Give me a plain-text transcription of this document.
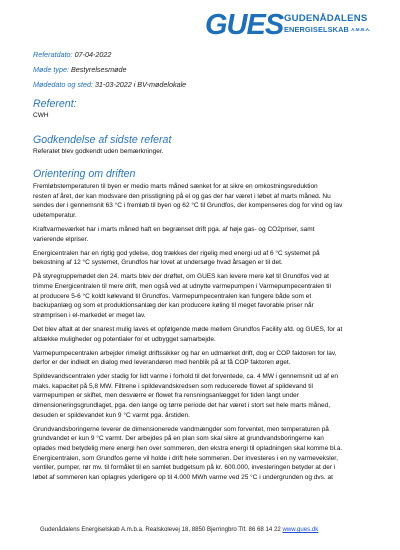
GUES GUDENÅDALENS
ENERGISELSKAB A.M.B.A.
Referatdato: 07-04-2022
Møde type: Bestyrelsesmøde
Mødedato og sted: 31-03-2022 i BV-mødelokale
Referent:

CWH

Godkendelse af sidste referat

Referatet blev godkendt uden bemærkninger.

Orientering om driften
Fremløbstemperaturen til byen er medio marts måned sænket for at sikre en omkostningsreduktion
resten af året, der kan modsvare den prisstigning på el og gas der har været i løbet af marts måned. Nu
sendes der i gennemsnit 63 °C i fremløb til byen og 62 °C til Grundfos, der kompenseres dog for vind og lav
udetemperatur.
Kraftvarmeværket har i marts måned haft en begrænset drift pga. af høje gas- og CO2priser, samt
varierende elpriser.
Energicentralen har en rigtig god ydelse, dog trækkes der rigelig med energi ud af 6 °C systemet på
bekostning af 12 °C systemet, Grundfos har lovet at undersøge hvad årsagen er til det.
På styregruppemødet den 24. marts blev der drøftet, om GUES kan levere mere køl til Grundfos ved at
trimme Energicentralen til mere drift, men også ved at udnytte varmepumpen i Varmepumpecentralen til
at producere 5-6 °C koldt kølevand til Grundfos. Varmepumpecentralen kan fungere både som et
backupanlæg og som et produktionsanlæg der kan producere køling til meget favorable priser når
strømprisen i el-markedet er meget lav.
Det blev aftalt at der snarest mulig laves et opfølgende møde mellem Grundfos Facility afd. og GUES, for at
afdække muligheder og potentialer for et udbygget samarbejde.
Varmepumpecentralen arbejder rimeligt driftssikker og har en udmærket drift, dog er COP faktoren for lav,
derfor er der indledt en dialog med leverandøren med henblik på at få COP faktoren øget.
Spildevandscentralen yder stadig for lidt varme i forhold til det forventede, ca. 4 MW i gennemsnit ud af en
maks. kapacitet på 5,8 MW. Filtrene i spildevandskredsen som reducerede flowet af spildevand til
varmepumpen er skiftet, men desværre er flowet fra rensningsanlægget for tiden langt under
dimensioneringsgrundlaget, pga. den lange og tørre periode det har været i stort set hele marts måned,
desuden er spildevandet kun 9 °C varmt pga. årstiden.
Grundvandsboringerne leverer de dimensionerede vandmængder som forventet, men temperaturen på
grundvandet er kun 9 °C varmt. Der arbejdes på en plan som skal sikre at grundvandsboringerne kan
oplades med betydelig mere energi hen over sommeren, den ekstra energi til opladningen skal komme bl.a.
Energicentralen, som Grundfos gerne vil holde i drift hele sommeren. Der investeres i en ny varmeveksler,
ventiler, pumper, rør mv. til formålet til en samlet budgetsum på kr. 600.000, investeringen betyder at der i
løbet af sommeren kan oplagres yderligere op til 4.000 MWh varme ved 25 °C i undergrunden og dvs. at
Gudenådalens Energiselskab A.m.b.a. Realskolevej 18, 8850 Bjerringbro Tlf. 86 68 14 22 www.gues.dk
